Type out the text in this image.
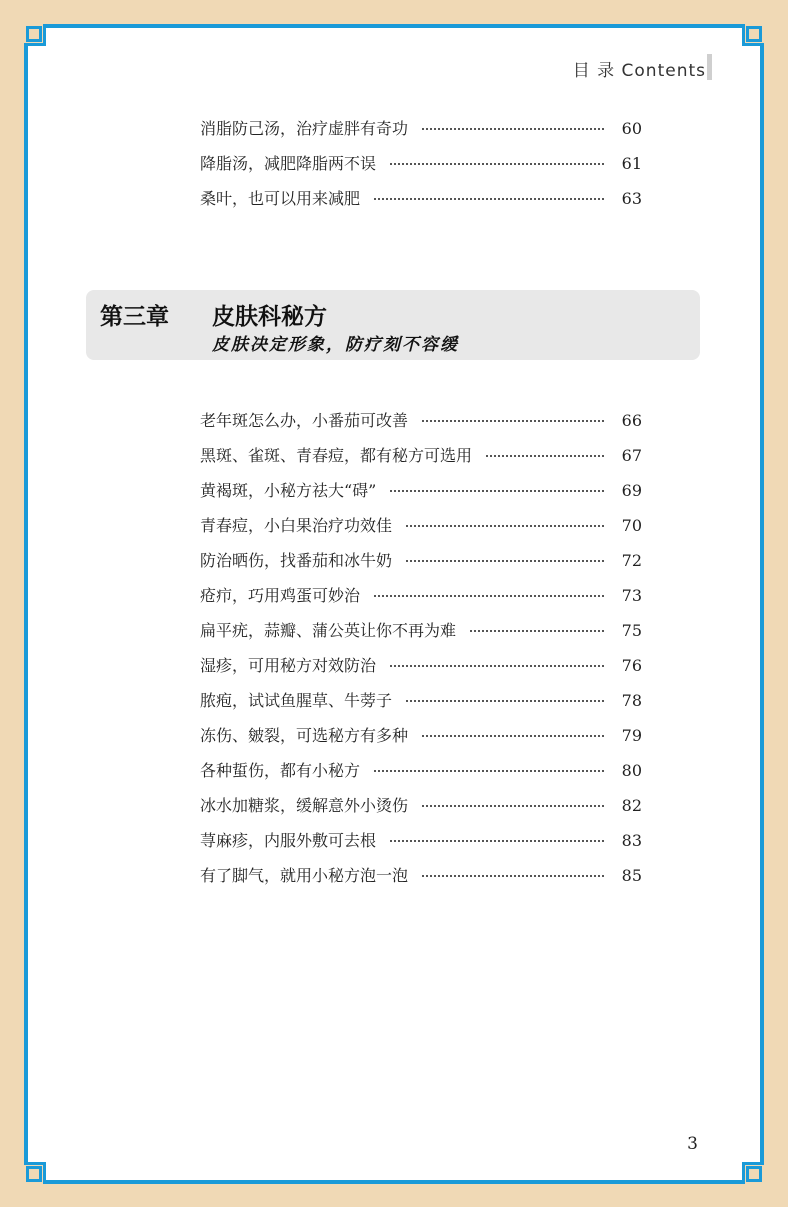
目 录 Contents
消脂防己汤，治疗虚胖有奇功	60
降脂汤，减肥降脂两不误	61
桑叶，也可以用来减肥	63
第三章 皮肤科秘方
皮肤决定形象，防疗刻不容缓
老年斑怎么办，小番茄可改善	66
黑斑、雀斑、青春痘，都有秘方可选用	67
黄褐斑，小秘方祛大“碍”	69
青春痘，小白果治疗功效佳	70
防治晒伤，找番茄和冰牛奶	72
疮疖，巧用鸡蛋可妙治	73
扁平疣，蒜瓣、蒲公英让你不再为难	75
湿疹，可用秘方对效防治	76
脓疱，试试鱼腥草、牛蒡子	78
冻伤、皴裂，可选秘方有多种	79
各种蜇伤，都有小秘方	80
冰水加糖浆，缓解意外小烫伤	82
荨麻疹，内服外敷可去根	83
有了脚气，就用小秘方泡一泡	85
3
